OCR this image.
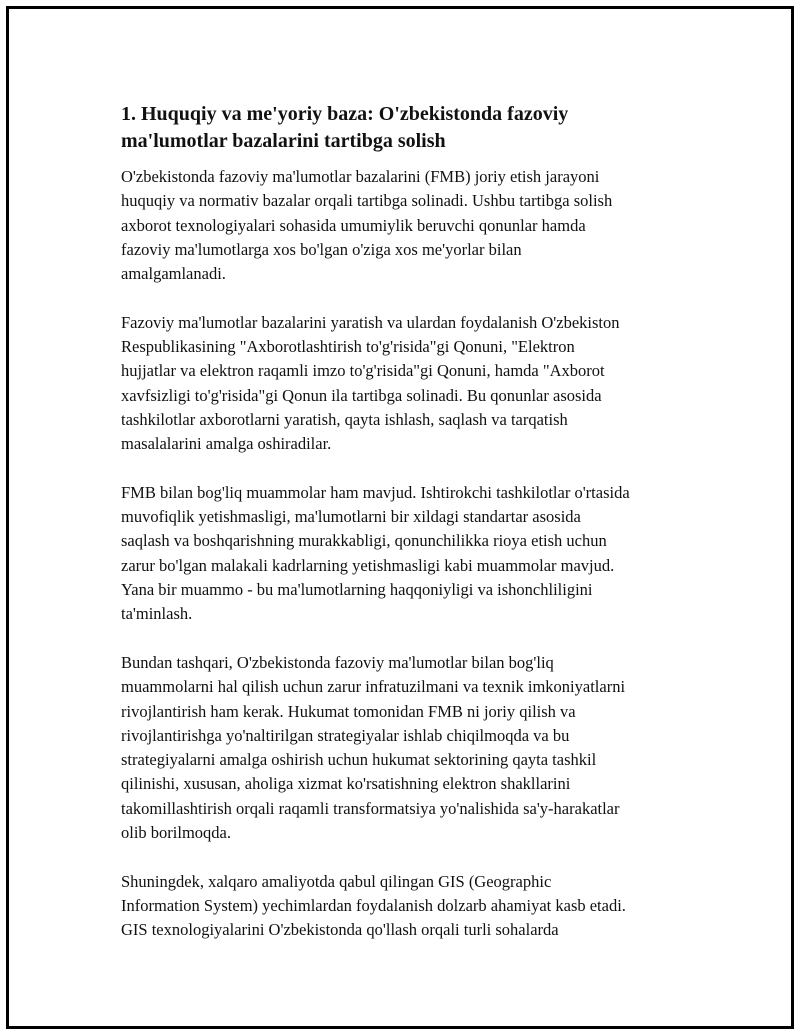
1. Huquqiy va me'yoriy baza: O'zbekistonda fazoviy
ma'lumotlar bazalarini tartibga solish

O'zbekistonda fazoviy ma'lumotlar bazalarini (FMB) joriy etish jarayoni
huquqiy va normativ bazalar orqali tartibga solinadi. Ushbu tartibga solish
axborot texnologiyalari sohasida umumiylik beruvchi qonunlar hamda
fazoviy ma'lumotlarga xos bo'lgan o'ziga xos me'yorlar bilan
amalgamlanadi.

Fazoviy ma'lumotlar bazalarini yaratish va ulardan foydalanish O'zbekiston
Respublikasining "Axborotlashtirish to'g'risida"gi Qonuni, "Elektron
hujjatlar va elektron raqamli imzo to'g'risida"gi Qonuni, hamda "Axborot
xavfsizligi to'g'risida"gi Qonun ila tartibga solinadi. Bu qonunlar asosida
tashkilotlar axborotlarni yaratish, qayta ishlash, saqlash va tarqatish
masalalarini amalga oshiradilar.

FMB bilan bog'liq muammolar ham mavjud. Ishtirokchi tashkilotlar o'rtasida
muvofiqlik yetishmasligi, ma'lumotlarni bir xildagi standartar asosida
saqlash va boshqarishning murakkabligi, qonunchilikka rioya etish uchun
zarur bo'lgan malakali kadrlarning yetishmasligi kabi muammolar mavjud.
Yana bir muammo - bu ma'lumotlarning haqqoniyligi va ishonchliligini
ta'minlash.

Bundan tashqari, O'zbekistonda fazoviy ma'lumotlar bilan bog'liq
muammolarni hal qilish uchun zarur infratuzilmani va texnik imkoniyatlarni
rivojlantirish ham kerak. Hukumat tomonidan FMB ni joriy qilish va
rivojlantirishga yo'naltirilgan strategiyalar ishlab chiqilmoqda va bu
strategiyalarni amalga oshirish uchun hukumat sektorining qayta tashkil
qilinishi, xususan, aholiga xizmat ko'rsatishning elektron shakllarini
takomillashtirish orqali raqamli transformatsiya yo'nalishida sa'y-harakatlar
olib borilmoqda.

Shuningdek, xalqaro amaliyotda qabul qilingan GIS (Geographic
Information System) yechimlardan foydalanish dolzarb ahamiyat kasb etadi.
GIS texnologiyalarini O'zbekistonda qo'llash orqali turli sohalarda
